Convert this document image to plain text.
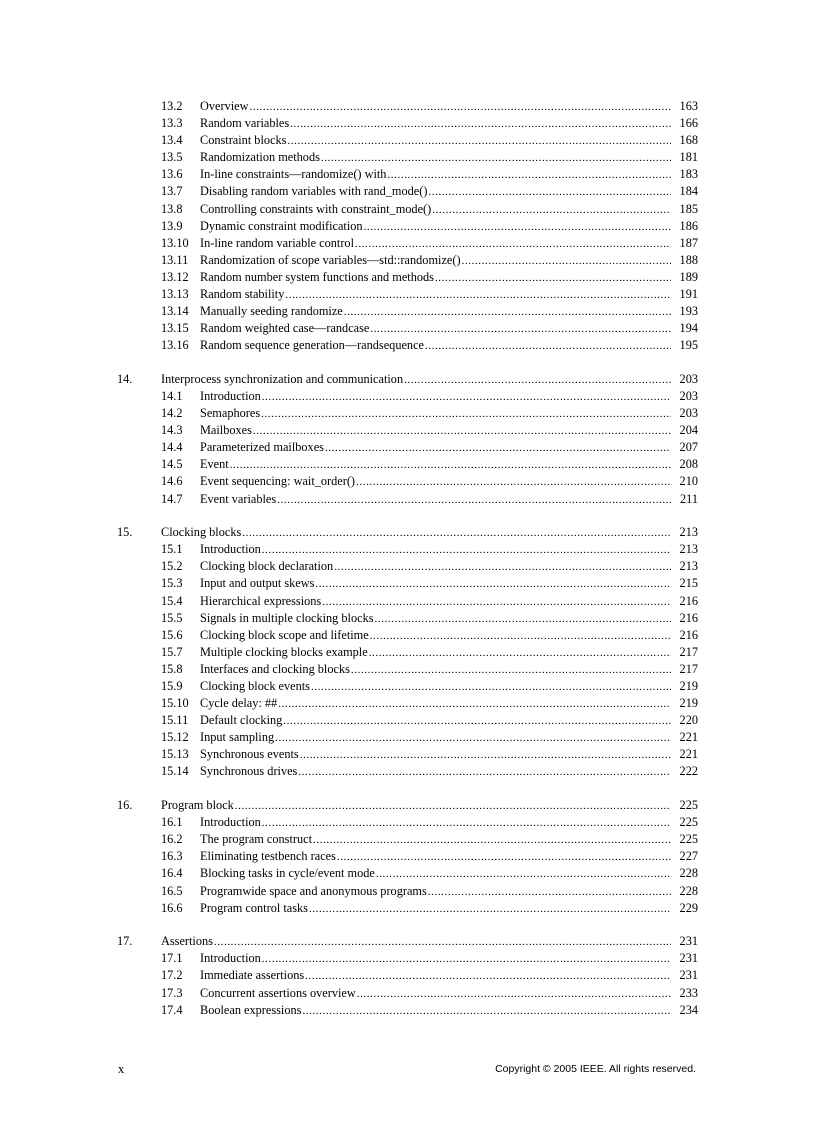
13.2 Overview .....	163
13.3 Random variables .....	166
13.4 Constraint blocks .....	168
13.5 Randomization methods .....	181
13.6 In-line constraints—randomize() with .....	183
13.7 Disabling random variables with rand_mode() .....	184
13.8 Controlling constraints with constraint_mode() .....	185
13.9 Dynamic constraint modification .....	186
13.10 In-line random variable control .....	187
13.11 Randomization of scope variables—std::randomize() .....	188
13.12 Random number system functions and methods .....	189
13.13 Random stability .....	191
13.14 Manually seeding randomize .....	193
13.15 Random weighted case—randcase .....	194
13.16 Random sequence generation—randsequence .....	195
14. Interprocess synchronization and communication .....	203
14.1 Introduction .....	203
14.2 Semaphores .....	203
14.3 Mailboxes .....	204
14.4 Parameterized mailboxes .....	207
14.5 Event .....	208
14.6 Event sequencing: wait_order() .....	210
14.7 Event variables .....	211
15. Clocking blocks .....	213
15.1 Introduction .....	213
15.2 Clocking block declaration .....	213
15.3 Input and output skews .....	215
15.4 Hierarchical expressions .....	216
15.5 Signals in multiple clocking blocks .....	216
15.6 Clocking block scope and lifetime .....	216
15.7 Multiple clocking blocks example .....	217
15.8 Interfaces and clocking blocks .....	217
15.9 Clocking block events .....	219
15.10 Cycle delay: ## .....	219
15.11 Default clocking .....	220
15.12 Input sampling .....	221
15.13 Synchronous events .....	221
15.14 Synchronous drives .....	222
16. Program block .....	225
16.1 Introduction .....	225
16.2 The program construct .....	225
16.3 Eliminating testbench races .....	227
16.4 Blocking tasks in cycle/event mode .....	228
16.5 Programwide space and anonymous programs .....	228
16.6 Program control tasks .....	229
17. Assertions .....	231
17.1 Introduction .....	231
17.2 Immediate assertions .....	231
17.3 Concurrent assertions overview .....	233
17.4 Boolean expressions .....	234
x	Copyright © 2005 IEEE. All rights reserved.
